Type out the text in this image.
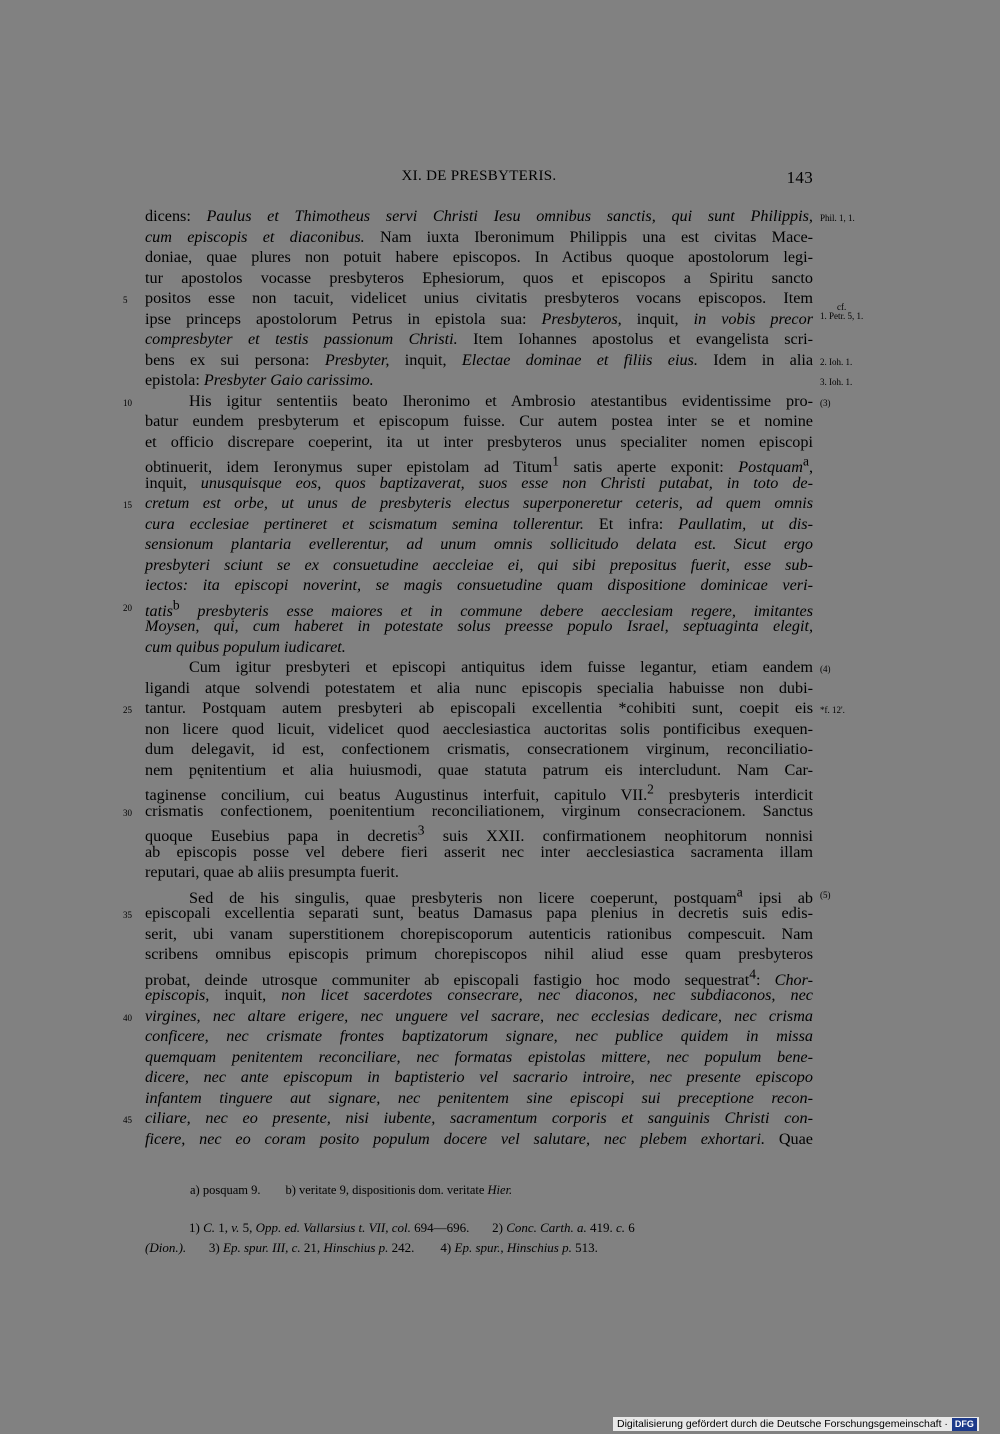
XI. DE PRESBYTERIS.	143
dicens: Paulus et Thimotheus servi Christi Iesu omnibus sanctis, qui sunt Philippis, Phil. 1, 1.
cum episcopis et diaconibus. Nam iuxta Iberonimum Philippis una est civitas Mace-
doniae, quae plures non potuit habere episcopos. In Actibus quoque apostolorum legi-
tur apostolos vocasse presbyteros Ephesiorum, quos et episcopos a Spiritu sancto
positos esse non tacuit, videlicet unius civitatis presbyteros vocans episcopos. Item
5
ipse princeps apostolorum Petrus in epistola sua: Presbyteros, inquit, in vobis precor
cf.
1. Petr. 5, 1.
compresbyter et testis passionum Christi. Item Iohannes apostolus et evangelista scri-
bens ex sui persona: Presbyter, inquit, Electae dominae et filiis eius. Idem in alia 2. Ioh. 1.
epistola: Presbyter Gaio carissimo.	3. Ioh. 1.
His igitur sententiis beato Iheronimo et Ambrosio atestantibus evidentissime pro-
10	(3)
batur eundem presbyterum et episcopum fuisse. Cur autem postea inter se et nomine
et officio discrepare coeperint, ita ut inter presbyteros unus specialiter nomen episcopi
obtinuerit, idem Ieronymus super epistolam ad Titum$^1$ satis aperte exponit: Postquam$^a$,
inquit, unusquisque eos, quos baptizaverat, suos esse non Christi putabat, in toto de-
cretum est orbe, ut unus de presbyteris electus superponeretur ceteris, ad quem omnis
15
cura ecclesiae pertineret et scismatum semina tollerentur. Et infra: Paullatim, ut dis-
sensionum plantaria evellerentur, ad unum omnis sollicitudo delata est. Sicut ergo
presbyteri sciunt se ex consuetudine aeccleiae ei, qui sibi prepositus fuerit, esse sub-
iectos: ita episcopi noverint, se magis consuetudine quam dispositione dominicae veri-
tatis$^b$ presbyteris esse maiores et in commune debere aecclesiam regere, imitantes
20
Moysen, qui, cum haberet in potestate solus preesse populo Israel, septuaginta elegit,
cum quibus populum iudicaret.
Cum igitur presbyteri et episcopi antiquitus idem fuisse legantur, etiam eandem (4)
ligandi atque solvendi potestatem et alia nunc episcopis specialia habuisse non dubi-
tantur. Postquam autem presbyteri ab episcopali excellentia *cohibiti sunt, coepit eis
25	*f. 12'.
non licere quod licuit, videlicet quod aecclesiastica auctoritas solis pontificibus exequen-
dum delegavit, id est, confectionem crismatis, consecrationem virginum, reconciliatio-
nem pęnitentium et alia huiusmodi, quae statuta patrum eis intercludunt. Nam Car-
taginense concilium, cui beatus Augustinus interfuit, capitulo VII.$^2$ presbyteris interdicit
crismatis confectionem, poenitentium reconciliationem, virginum consecracionem. Sanctus
30
quoque Eusebius papa in decretis$^3$ suis XXII. confirmationem neophitorum nonnisi
ab episcopis posse vel debere fieri asserit nec inter aecclesiastica sacramenta illam
reputari, quae ab aliis presumpta fuerit.
Sed de his singulis, quae presbyteris non licere coeperunt, postquam$^a$ ipsi ab (5)
episcopali excellentia separati sunt, beatus Damasus papa plenius in decretis suis edis-
35
serit, ubi vanam superstitionem chorepiscoporum autenticis rationibus compescuit. Nam
scribens omnibus episcopis primum chorepiscopos nihil aliud esse quam presbyteros
probat, deinde utrosque communiter ab episcopali fastigio hoc modo sequestrat$^4$: Chor-
episcopis, inquit, non licet sacerdotes consecrare, nec diaconos, nec subdiaconos, nec
virgines, nec altare erigere, nec unguere vel sacrare, nec ecclesias dedicare, nec crisma
40
conficere, nec crismate frontes baptizatorum signare, nec publice quidem in missa
quemquam penitentem reconciliare, nec formatas epistolas mittere, nec populum bene-
dicere, nec ante episcopum in baptisterio vel sacrario introire, nec presente episcopo
infantem tinguere aut signare, nec penitentem sine episcopi sui preceptione recon-
ciliare, nec eo presente, nisi iubente, sacramentum corporis et sanguinis Christi con-
45
ficere, nec eo coram posito populum docere vel salutare, nec plebem exhortari. Quae
a) posquam 9.        b) veritate 9, dispositionis dom. veritate Hier.
1) C. 1, v. 5, Opp. ed. Vallarsius t. VII, col. 694—696.       2) Conc. Carth. a. 419. c. 6
(Dion.).       3) Ep. spur. III, c. 21, Hinschius p. 242.        4) Ep. spur., Hinschius p. 513.
Digitalisierung gefördert durch die Deutsche Forschungsgemeinschaft · DFG
